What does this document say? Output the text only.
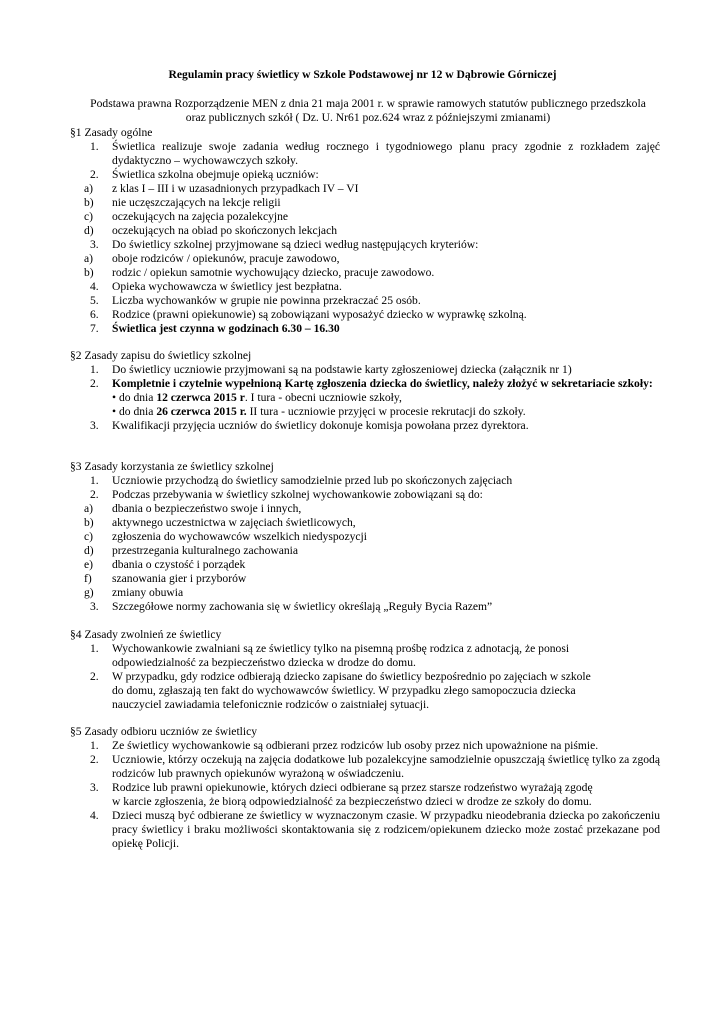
Regulamin pracy świetlicy w Szkole Podstawowej nr 12 w Dąbrowie Górniczej
Podstawa prawna Rozporządzenie MEN z dnia 21 maja 2001 r. w sprawie ramowych statutów publicznego przedszkola
oraz publicznych szkół ( Dz. U. Nr61 poz.624 wraz z późniejszymi zmianami)
§1 Zasady ogólne
1. Świetlica realizuje swoje zadania według rocznego i tygodniowego planu pracy zgodnie z rozkładem zajęć dydaktyczno – wychowawczych szkoły.
2. Świetlica szkolna obejmuje opieką uczniów:
a) z klas I – III i w uzasadnionych przypadkach IV – VI
b) nie uczęszczających na lekcje religii
c) oczekujących na zajęcia pozalekcyjne
d) oczekujących na obiad po skończonych lekcjach
3. Do świetlicy szkolnej przyjmowane są dzieci według następujących kryteriów:
a) oboje rodziców / opiekunów, pracuje zawodowo,
b) rodzic / opiekun samotnie wychowujący dziecko, pracuje zawodowo.
4. Opieka wychowawcza w świetlicy jest bezpłatna.
5. Liczba wychowanków w grupie nie powinna przekraczać 25 osób.
6. Rodzice (prawni opiekunowie) są zobowiązani wyposażyć dziecko w wyprawkę szkolną.
7. Świetlica jest czynna w godzinach 6.30 – 16.30
§2 Zasady zapisu do świetlicy szkolnej
1. Do świetlicy uczniowie przyjmowani są na podstawie karty zgłoszeniowej dziecka (załącznik nr 1)
2. Kompletnie i czytelnie wypełnioną Kartę zgłoszenia dziecka do świetlicy, należy złożyć w sekretariacie szkoły:
• do dnia 12 czerwca 2015 r. I tura - obecni uczniowie szkoły,
• do dnia 26 czerwca 2015 r. II tura - uczniowie przyjęci w procesie rekrutacji do szkoły.
3. Kwalifikacji przyjęcia uczniów do świetlicy dokonuje komisja powołana przez dyrektora.
§3 Zasady korzystania ze świetlicy szkolnej
1. Uczniowie przychodzą do świetlicy samodzielnie przed lub po skończonych zajęciach
2. Podczas przebywania w świetlicy szkolnej wychowankowie zobowiązani są do:
a) dbania o bezpieczeństwo swoje i innych,
b) aktywnego uczestnictwa w zajęciach świetlicowych,
c) zgłoszenia do wychowawców wszelkich niedyspozycji
d) przestrzegania kulturalnego zachowania
e) dbania o czystość i porządek
f) szanowania gier i przyborów
g) zmiany obuwia
3. Szczegółowe normy zachowania się w świetlicy określają „Reguły Bycia Razem”
§4 Zasady zwolnień ze świetlicy
1. Wychowankowie zwalniani są ze świetlicy tylko na pisemną prośbę rodzica z adnotacją, że ponosi
odpowiedzialność za bezpieczeństwo dziecka w drodze do domu.
2. W przypadku, gdy rodzice odbierają dziecko zapisane do świetlicy bezpośrednio po zajęciach w szkole
do domu, zgłaszają ten fakt do wychowawców świetlicy. W przypadku złego samopoczucia dziecka
nauczyciel zawiadamia telefonicznie rodziców o zaistniałej sytuacji.
§5 Zasady odbioru uczniów ze świetlicy
1. Ze świetlicy wychowankowie są odbierani przez rodziców lub osoby przez nich upoważnione na piśmie.
2. Uczniowie, którzy oczekują na zajęcia dodatkowe lub pozalekcyjne samodzielnie opuszczają świetlicę tylko za zgodą rodziców lub prawnych opiekunów wyrażoną w oświadczeniu.
3. Rodzice lub prawni opiekunowie, których dzieci odbierane są przez starsze rodzeństwo wyrażają zgodę
w karcie zgłoszenia, że biorą odpowiedzialność za bezpieczeństwo dzieci w drodze ze szkoły do domu.
4. Dzieci muszą być odbierane ze świetlicy w wyznaczonym czasie. W przypadku nieodebrania dziecka po zakończeniu pracy świetlicy i braku możliwości skontaktowania się z rodzicem/opiekunem dziecko może zostać przekazane pod opiekę Policji.
